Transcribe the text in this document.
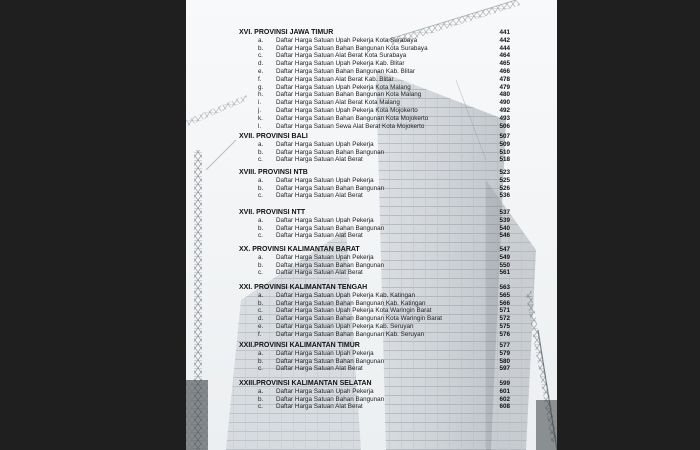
XVI. PROVINSI JAWA TIMUR	441
a.	Daftar Harga Satuan Upah Pekerja Kota Surabaya	442
b.	Daftar Harga Satuan Bahan Bangunan Kota Surabaya	444
c.	Daftar Harga Satuan Alat Berat Kota Surabaya	464
d.	Daftar Harga Satuan Upah Pekerja Kab. Blitar	465
e.	Daftar Harga Satuan Bahan Bangunan Kab. Blitar	466
f.	Daftar Harga Satuan Alat Berat Kab. Blitar	478
g.	Daftar Harga Satuan Upah Pekerja Kota Malang	479
h.	Daftar Harga Satuan Bahan Bangunan Kota Malang	480
i.	Daftar Harga Satuan Alat Berat Kota Malang	490
j.	Daftar Harga Satuan Upah Pekerja Kota Mojokerto	492
k.	Daftar Harga Satuan Bahan Bangunan Kota Mojokerto	493
l.	Daftar Harga Satuan Sewa Alat Berat Kota Mojokerto	506
XVII. PROVINSI BALI	507
a.	Daftar Harga Satuan Upah Pekerja	509
b.	Daftar Harga Satuan Bahan Bangunan	510
c.	Daftar Harga Satuan Alat Berat	518
XVIII. PROVINSI NTB	523
a.	Daftar Harga Satuan Upah Pekerja	525
b.	Daftar Harga Satuan Bahan Bangunan	526
c.	Daftar Harga Satuan Alat Berat	536
XVII. PROVINSI NTT	537
a.	Daftar Harga Satuan Upah Pekerja	539
b.	Daftar Harga Satuan Bahan Bangunan	540
c.	Daftar Harga Satuan Alat Berat	546
XX. PROVINSI KALIMANTAN BARAT	547
a.	Daftar Harga Satuan Upah Pekerja	549
b.	Daftar Harga Satuan Bahan Bangunan	550
c.	Daftar Harga Satuan Alat Berat	561
XXI. PROVINSI KALIMANTAN TENGAH	563
a.	Daftar Harga Satuan Upah Pekerja Kab. Katingan	565
b.	Daftar Harga Satuan Bahan Bangunan Kab. Katingan	566
c.	Daftar Harga Satuan Upah Pekerja Kota Waringin Barat	571
d.	Daftar Harga Satuan Bahan Bangunan Kota Waringin Barat	572
e.	Daftar Harga Satuan Upah Pekerja Kab. Seruyan	575
f.	Daftar Harga Satuan Bahan Bangunan Kab. Seruyan	576
XXII.PROVINSI KALIMANTAN TIMUR	577
a.	Daftar Harga Satuan Upah Pekerja	579
b.	Daftar Harga Satuan Bahan Bangunan	580
c.	Daftar Harga Satuan Alat Berat	597
XXIII.PROVINSI KALIMANTAN SELATAN	599
a.	Daftar Harga Satuan Upah Pekerja	601
b.	Daftar Harga Satuan Bahan Bangunan	602
c.	Daftar Harga Satuan Alat Berat	608
